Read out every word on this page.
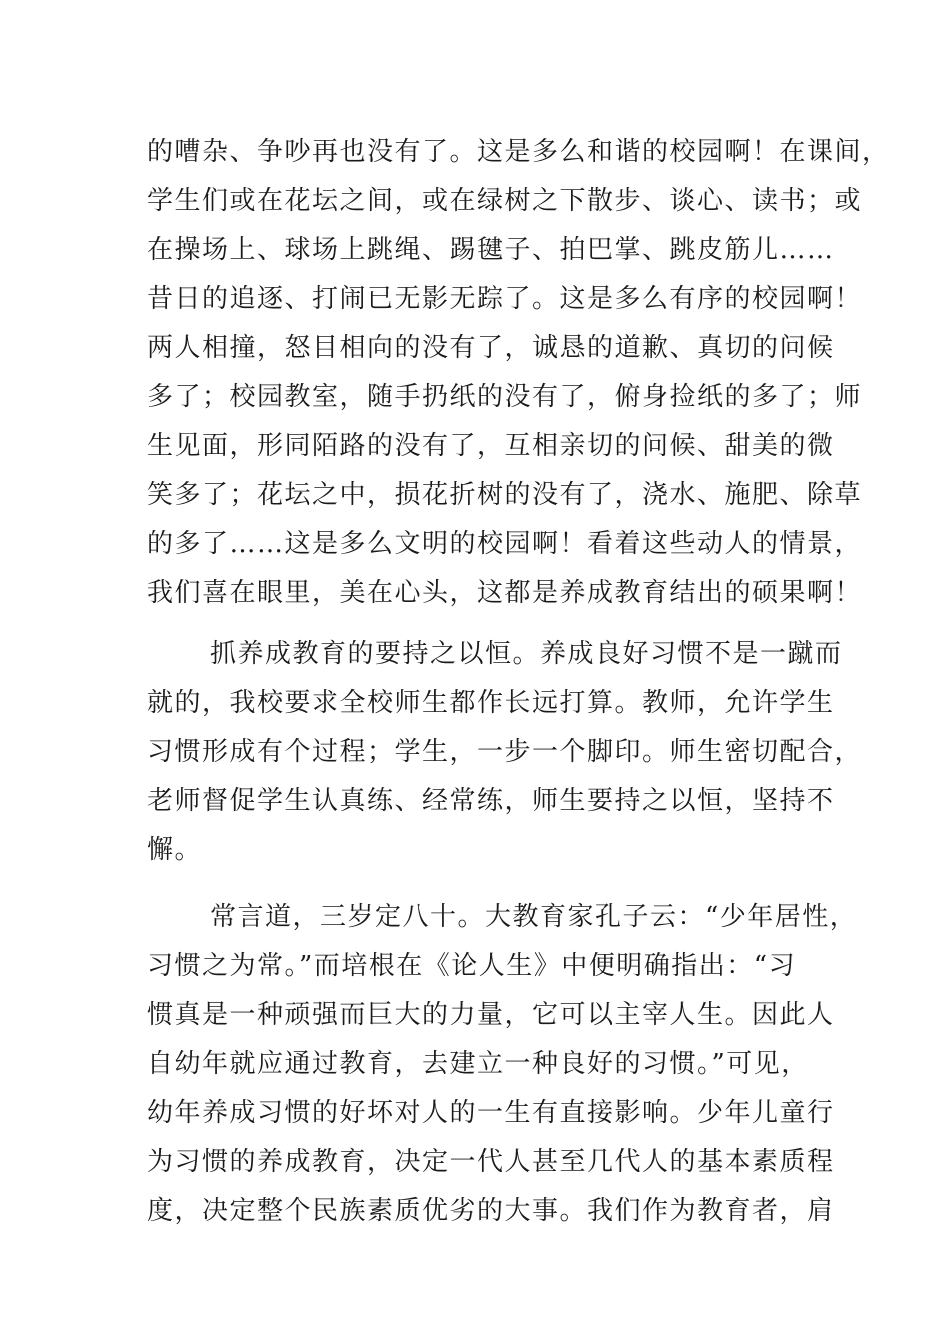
的嘈杂、争吵再也没有了。这是多么和谐的校园啊！在课间，
学生们或在花坛之间，或在绿树之下散步、谈心、读书；或
在操场上、球场上跳绳、踢毽子、拍巴掌、跳皮筋儿……
昔日的追逐、打闹已无影无踪了。这是多么有序的校园啊！
两人相撞，怒目相向的没有了，诚恳的道歉、真切的问候
多了；校园教室，随手扔纸的没有了，俯身捡纸的多了；师
生见面，形同陌路的没有了，互相亲切的问候、甜美的微
笑多了；花坛之中，损花折树的没有了，浇水、施肥、除草
的多了……这是多么文明的校园啊！看着这些动人的情景，
我们喜在眼里，美在心头，这都是养成教育结出的硕果啊！
抓养成教育的要持之以恒。养成良好习惯不是一蹴而
就的，我校要求全校师生都作长远打算。教师，允许学生
习惯形成有个过程；学生，一步一个脚印。师生密切配合，
老师督促学生认真练、经常练，师生要持之以恒，坚持不
懈。
常言道，三岁定八十。大教育家孔子云：“少年居性，
习惯之为常。”而培根在《论人生》中便明确指出：“习
惯真是一种顽强而巨大的力量，它可以主宰人生。因此人
自幼年就应通过教育，去建立一种良好的习惯。”可见，
幼年养成习惯的好坏对人的一生有直接影响。少年儿童行
为习惯的养成教育，决定一代人甚至几代人的基本素质程
度，决定整个民族素质优劣的大事。我们作为教育者，肩
